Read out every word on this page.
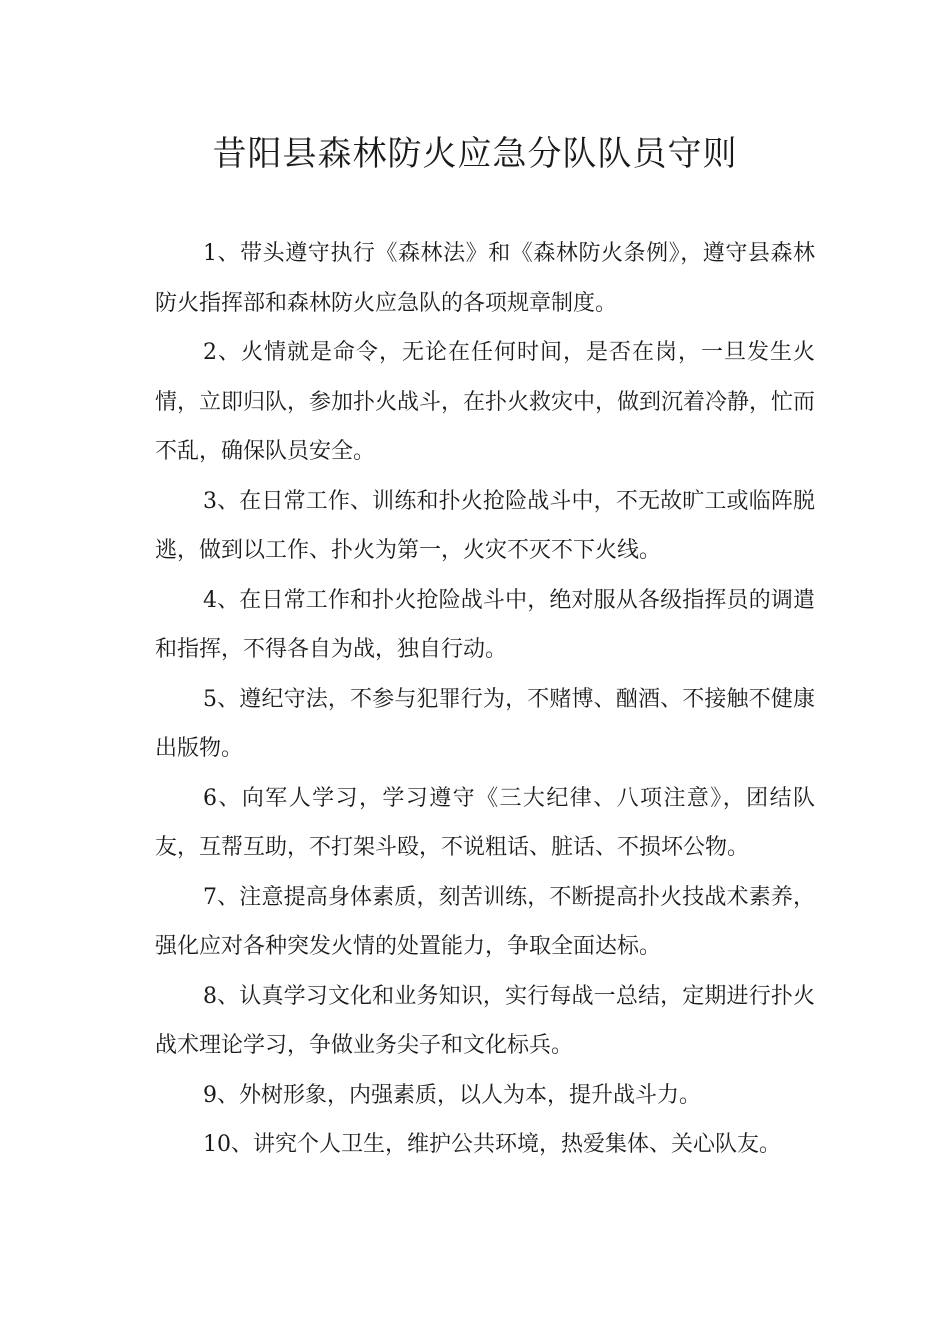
昔阳县森林防火应急分队队员守则
1、带头遵守执行《森林法》和《森林防火条例》，遵守县森林防火指挥部和森林防火应急队的各项规章制度。
2、火情就是命令，无论在任何时间，是否在岗，一旦发生火情，立即归队，参加扑火战斗，在扑火救灾中，做到沉着冷静，忙而不乱，确保队员安全。
3、在日常工作、训练和扑火抢险战斗中，不无故旷工或临阵脱逃，做到以工作、扑火为第一，火灾不灭不下火线。
4、在日常工作和扑火抢险战斗中，绝对服从各级指挥员的调遣和指挥，不得各自为战，独自行动。
5、遵纪守法，不参与犯罪行为，不赌博、酗酒、不接触不健康出版物。
6、向军人学习，学习遵守《三大纪律、八项注意》，团结队友，互帮互助，不打架斗殴，不说粗话、脏话、不损坏公物。
7、注意提高身体素质，刻苦训练，不断提高扑火技战术素养，强化应对各种突发火情的处置能力，争取全面达标。
8、认真学习文化和业务知识，实行每战一总结，定期进行扑火战术理论学习，争做业务尖子和文化标兵。
9、外树形象，内强素质，以人为本，提升战斗力。
10、讲究个人卫生，维护公共环境，热爱集体、关心队友。
